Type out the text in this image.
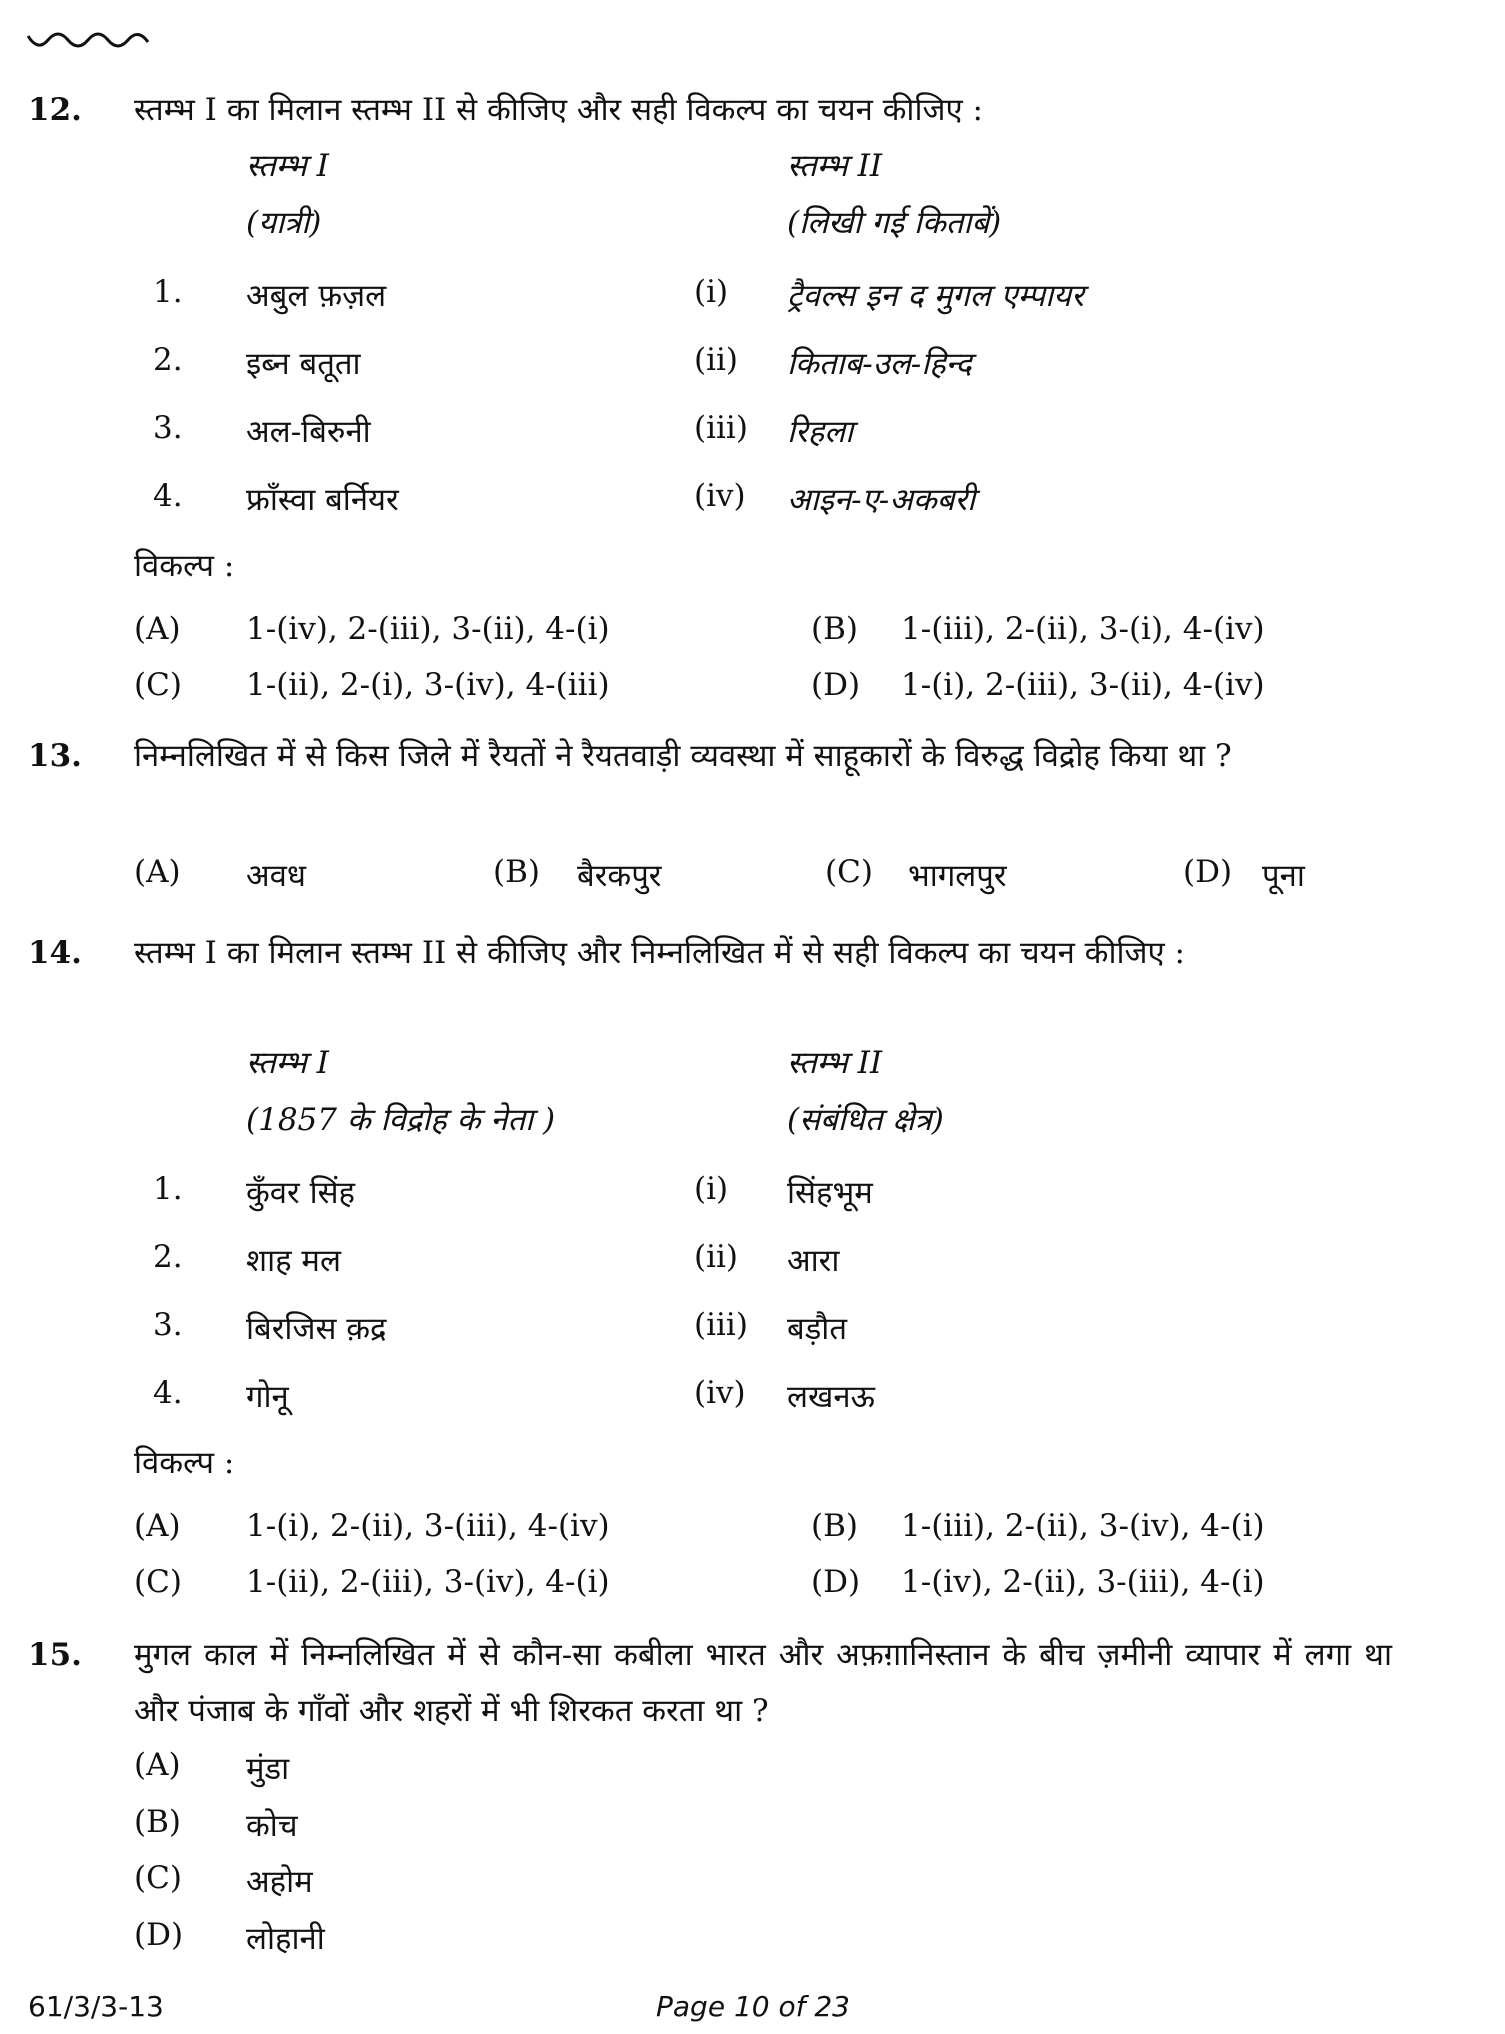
12. स्तम्भ I का मिलान स्तम्भ II से कीजिए और सही विकल्प का चयन कीजिए :
स्तम्भ I	स्तम्भ II
(यात्री)	(लिखी गई किताबें)
1. अबुल फ़ज़ल	(i) ट्रैवल्स इन द मुगल एम्पायर
2. इब्न बतूता	(ii) किताब-उल-हिन्द
3. अल-बिरुनी	(iii) रिहला
4. फ्राँस्वा बर्नियर	(iv) आइन-ए-अकबरी
विकल्प :
(A) 1-(iv), 2-(iii), 3-(ii), 4-(i)	(B) 1-(iii), 2-(ii), 3-(i), 4-(iv)
(C) 1-(ii), 2-(i), 3-(iv), 4-(iii)	(D) 1-(i), 2-(iii), 3-(ii), 4-(iv)
13. निम्नलिखित में से किस जिले में रैयतों ने रैयतवाड़ी व्यवस्था में साहूकारों के विरुद्ध विद्रोह किया था ?
(A) अवध	(B) बैरकपुर	(C) भागलपुर	(D) पूना
14. स्तम्भ I का मिलान स्तम्भ II से कीजिए और निम्नलिखित में से सही विकल्प का चयन कीजिए :
स्तम्भ I	स्तम्भ II
(1857 के विद्रोह के नेता )	(संबंधित क्षेत्र)
1. कुँवर सिंह	(i) सिंहभूम
2. शाह मल	(ii) आरा
3. बिरजिस क़द्र	(iii) बड़ौत
4. गोनू	(iv) लखनऊ
विकल्प :
(A) 1-(i), 2-(ii), 3-(iii), 4-(iv)	(B) 1-(iii), 2-(ii), 3-(iv), 4-(i)
(C) 1-(ii), 2-(iii), 3-(iv), 4-(i)	(D) 1-(iv), 2-(ii), 3-(iii), 4-(i)
15. मुगल काल में निम्नलिखित में से कौन-सा कबीला भारत और अफ़ग़ानिस्तान के बीच ज़मीनी व्यापार में लगा था और पंजाब के गाँवों और शहरों में भी शिरकत करता था ?
(A) मुंडा
(B) कोच
(C) अहोम
(D) लोहानी
61/3/3-13	Page 10 of 23
